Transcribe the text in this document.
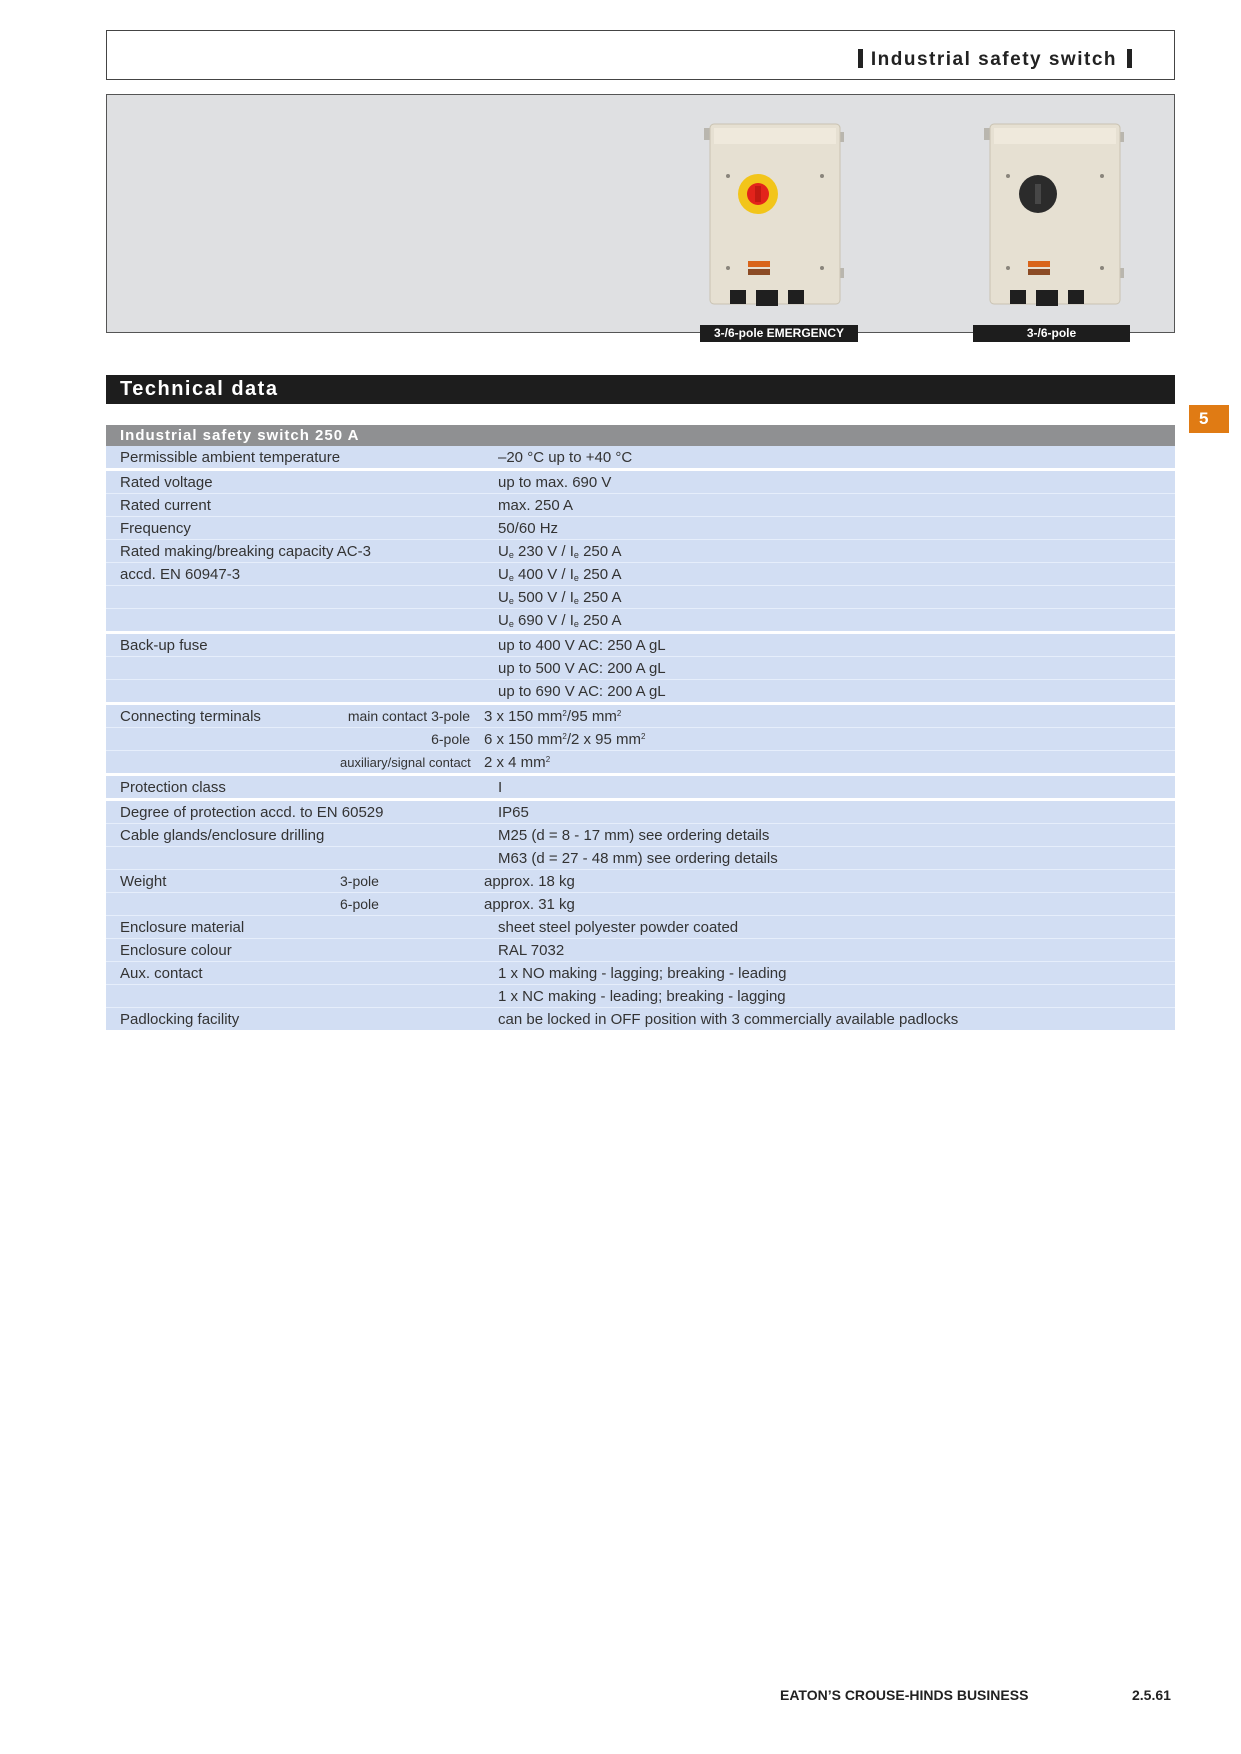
Industrial safety switch
3-/6-pole EMERGENCY STOP
3-/6-pole
Technical data
5
Industrial safety switch 250 A
Permissible ambient temperature	–20 °C up to +40 °C
Rated voltage	up to max. 690 V
Rated current	max. 250 A
Frequency	50/60 Hz
Rated making/breaking capacity AC-3	$U_e$ 230 V / $I_e$ 250 A
accd. EN 60947-3	$U_e$ 400 V / $I_e$ 250 A
$U_e$ 500 V / $I_e$ 250 A
$U_e$ 690 V / $I_e$ 250 A
Back-up fuse	up to 400 V AC: 250 A gL
up to 500 V AC: 200 A gL
up to 690 V AC: 200 A gL
Connecting terminals	main contact 3-pole 3 x 150 $mm^2/95$ $mm^2$
6-pole 6 x 150 $mm^2/2$ x 95 $mm^2$
auxiliary/signal contact 2 x 4 $mm^2$
Protection class	I
Degree of protection accd. to EN 60529	IP65
Cable glands/enclosure drilling	M25 (d = 8 - 17 mm) see ordering details
M63 (d = 27 - 48 mm) see ordering details
Weight	3-pole	approx. 18 kg
6-pole	approx. 31 kg
Enclosure material	sheet steel polyester powder coated
Enclosure colour	RAL 7032
Aux. contact	1 x NO making - lagging; breaking - leading
1 x NC making - leading; breaking - lagging
Padlocking facility	can be locked in OFF position with 3 commercially available padlocks
EATON’S CROUSE-HINDS BUSINESS	2.5.61
